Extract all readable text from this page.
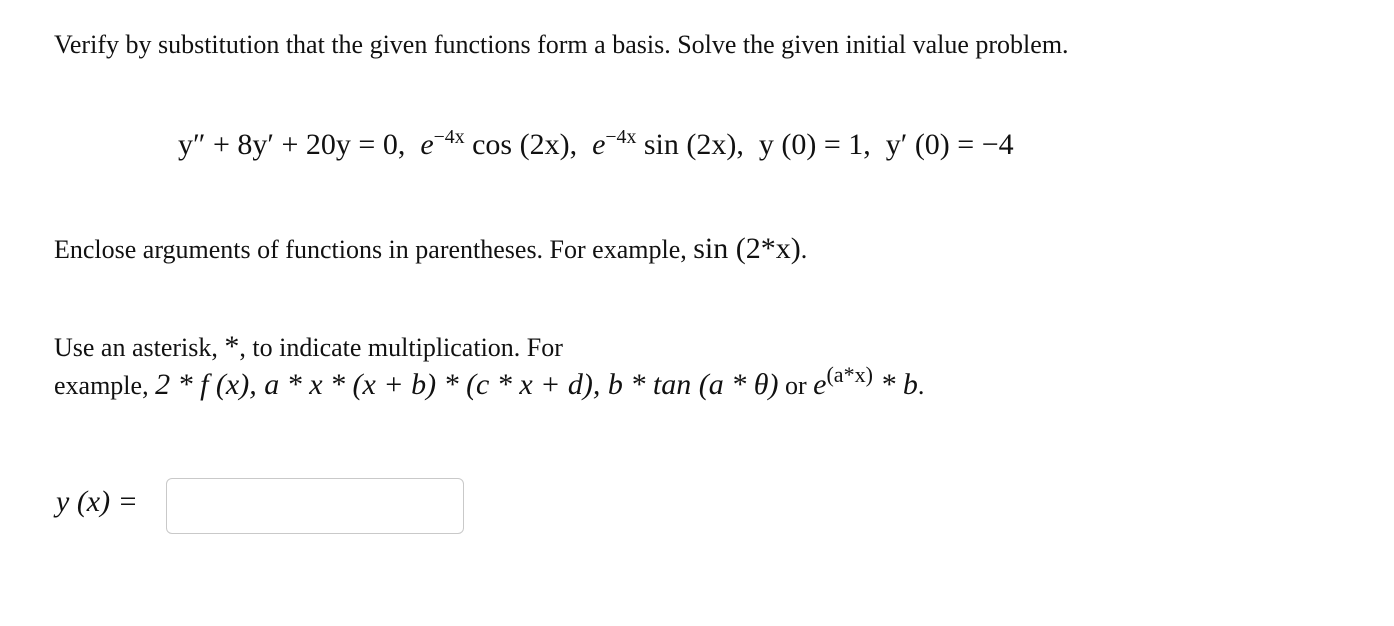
Verify by substitution that the given functions form a basis. Solve the given initial value problem.
y″ + 8y′ + 20y = 0, $e^{-4x}$ cos (2x), $e^{-4x}$ sin (2x), y (0) = 1, y′ (0) = −4
Enclose arguments of functions in parentheses. For example, sin (2*x).
Use an asterisk, *, to indicate multiplication. For
example, 2 * f (x), a * x * (x + b) * (c * x + d), b * tan (a * θ) or $e^{(a*x)}$ * b.
y (x) =
